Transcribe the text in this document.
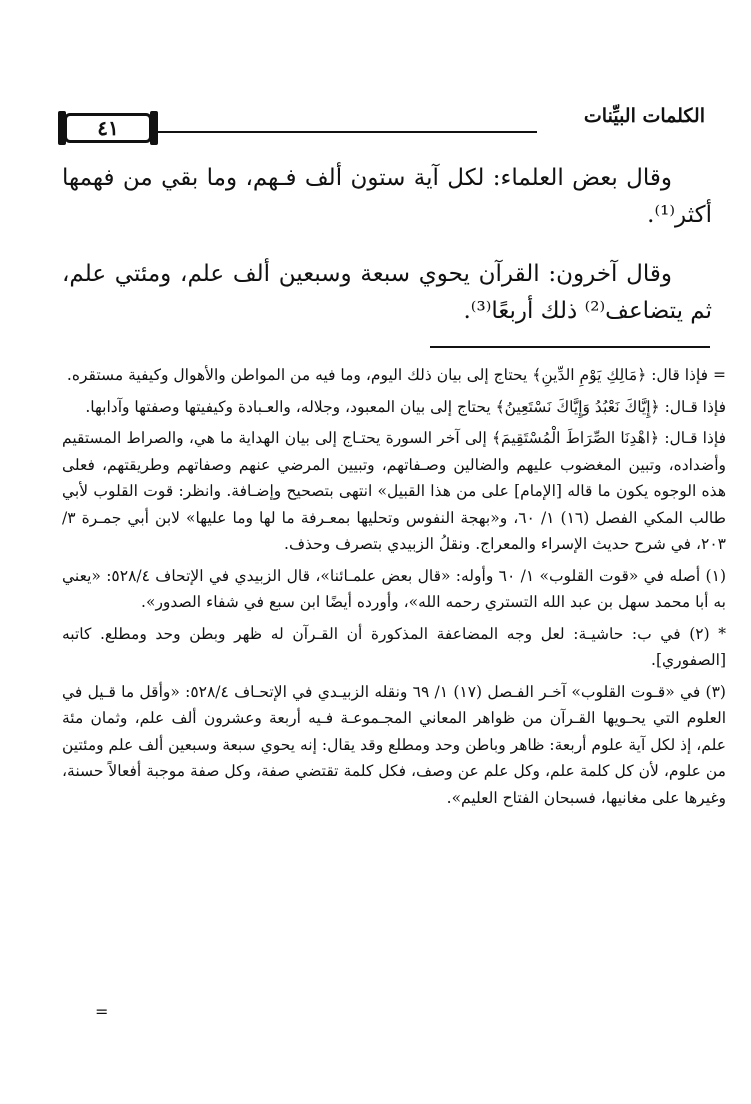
الكلمات البيِّنات
٤١

وقال بعض العلماء: لكل آية ستون ألف فـهم، وما بقي من فهمها أكثر⁽¹⁾.

وقال آخرون: القرآن يحوي سبعة وسبعين ألف علم، ومئتي علم، ثم يتضاعف⁽²⁾ ذلك أربعًا⁽³⁾.

= فإذا قال: ﴿مَالِكِ يَوْمِ الدِّينِ﴾ يحتاج إلى بيان ذلك اليوم، وما فيه من المواطن والأهوال وكيفية مستقره.

فإذا قـال: ﴿إِيَّاكَ نَعْبُدُ وَإِيَّاكَ نَسْتَعِينُ﴾ يحتاج إلى بيان المعبود، وجلاله، والعـبادة وكيفيتها وصفتها وآدابها.

فإذا قـال: ﴿اهْدِنَا الصِّرَاطَ الْمُسْتَقِيمَ﴾ إلى آخر السورة يحتـاج إلى بيان الهداية ما هي، والصراط المستقيم وأضداده، وتبين المغضوب عليهم والضالين وصـفاتهم، وتبيين المرضي عنهم وصفاتهم وطريقتهم، فعلى هذه الوجوه يكون ما قاله [الإمام] على من هذا القبيل» انتهى بتصحيح وإضـافة. وانظر: قوت القلوب لأبي طالب المكي الفصل (١٦) ١/ ٦٠، و«بهجة النفوس وتحليها بمعـرفة ما لها وما عليها» لابن أبي جمـرة ٣/ ٢٠٣، في شرح حديث الإسراء والمعراج. ونقلُ الزبيدي بتصرف وحذف.

(١) أصله في «قوت القلوب» ١/ ٦٠ وأوله: «قال بعض علمـائنا»، قال الزبيدي في الإتحاف ٥٢٨/٤: «يعني به أبا محمد سهل بن عبد الله التستري رحمه الله»، وأورده أيضًا ابن سبع في شفاء الصدور».

* (٢) في ب: حاشيـة: لعل وجه المضاعفة المذكورة أن القـرآن له ظهر وبطن وحد ومطلع. كاتبه [الصفوري].

(٣) في «قـوت القلوب» آخـر الفـصل (١٧) ١/ ٦٩ ونقله الزبيـدي في الإتحـاف ٥٢٨/٤: «وأقل ما قـيل في العلوم التي يحـويها القـرآن من ظواهر المعاني المجـموعـة فـيه أربعة وعشرون ألف علم، وثمان مئة علم، إذ لكل آية علوم أربعة: ظاهر وباطن وحد ومطلع وقد يقال: إنه يحوي سبعة وسبعين ألف علم ومئتين من علوم، لأن كل كلمة علم، وكل علم عن وصف، فكل كلمة تقتضي صفة، وكل صفة موجبة أفعالاً حسنة، وغيرها على مغانيها، فسبحان الفتاح العليم».

=
